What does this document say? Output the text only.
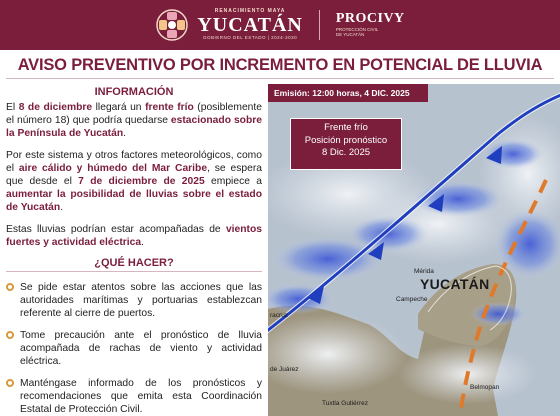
RENACIMIENTO MAYA
YUCATÁN
GOBIERNO DEL ESTADO | 2024-2030
PROCIVY
PROTECCIÓN CIVIL DE YUCATÁN
AVISO PREVENTIVO POR INCREMENTO EN POTENCIAL DE LLUVIA
INFORMACIÓN

El 8 de diciembre llegará un frente frío (posiblemente el número 18) que podría quedarse estacionado sobre la Península de Yucatán.

Por este sistema y otros factores meteorológicos, como el aire cálido y húmedo del Mar Caribe, se espera que desde el 7 de diciembre de 2025 empiece a aumentar la posibilidad de lluvias sobre el estado de Yucatán.

Estas lluvias podrían estar acompañadas de vientos fuertes y actividad eléctrica.

¿QUÉ HACER?
Se pide estar atentos sobre las acciones que las autoridades marítimas y portuarias establezcan referente al cierre de puertos.
Tome precaución ante el pronóstico de lluvia acompañada de rachas de viento y actividad eléctrica.
Manténgase informado de los pronósticos y recomendaciones que emita esta Coordinación Estatal de Protección Civil.
Emisión: 12:00 horas, 4 DIC. 2025
Frente frío
Posición pronóstico
8 Dic. 2025
YUCATÁN
Mérida
Campeche
Belmopan
Tuxtla Gutiérrez
racruz
de Juárez
